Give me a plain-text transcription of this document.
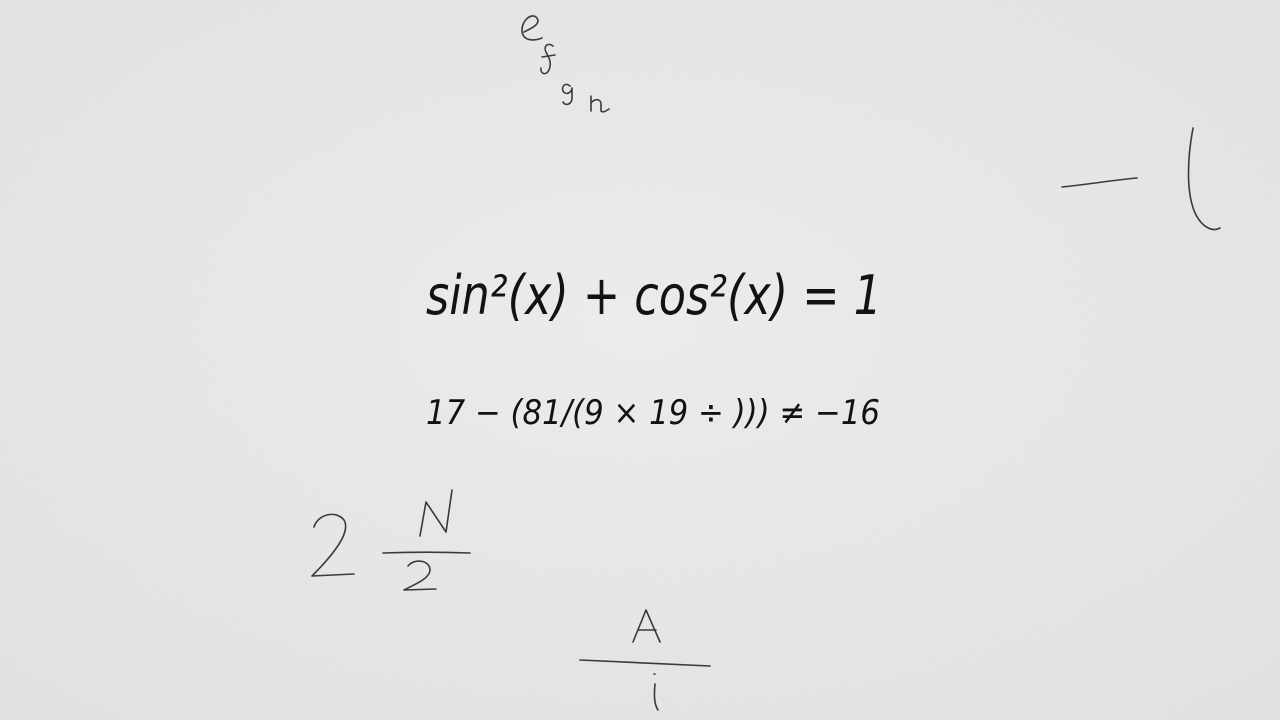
sin²(x) + cos²(x) = 1
17 − (81/(9 × 19 ÷ ))) ≠ −16
